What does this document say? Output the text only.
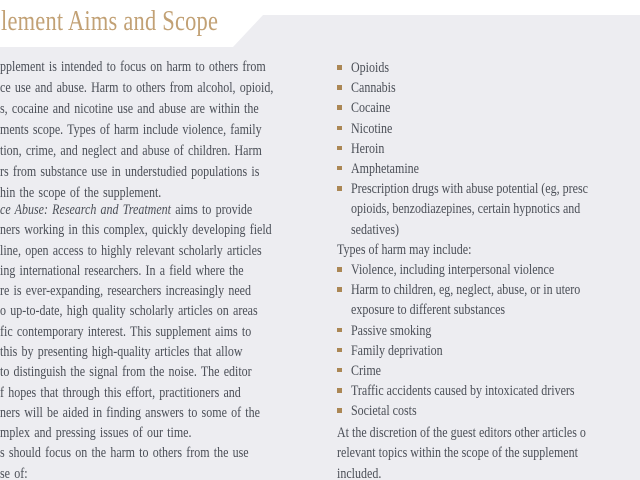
lement Aims and Scope
pplement is intended to focus on harm to others from
ce use and abuse. Harm to others from alcohol, opioid,
s, cocaine and nicotine use and abuse are within the
ments scope. Types of harm include violence, family
tion, crime, and neglect and abuse of children. Harm
rs from substance use in understudied populations is
hin the scope of the supplement.
ce Abuse: Research and Treatment aims to provide
ners working in this complex, quickly developing field
line, open access to highly relevant scholarly articles
ing international researchers. In a field where the
re is ever-expanding, researchers increasingly need
o up-to-date, high quality scholarly articles on areas
fic contemporary interest. This supplement aims to
this by presenting high-quality articles that allow
to distinguish the signal from the noise. The editor
f hopes that through this effort, practitioners and
ners will be aided in finding answers to some of the
mplex and pressing issues of our time.
s should focus on the harm to others from the use
se of:
Opioids
Cannabis
Cocaine
Nicotine
Heroin
Amphetamine
Prescription drugs with abuse potential (eg, presc
opioids, benzodiazepines, certain hypnotics and
sedatives)
Types of harm may include:
Violence, including interpersonal violence
Harm to children, eg, neglect, abuse, or in utero
exposure to different substances
Passive smoking
Family deprivation
Crime
Traffic accidents caused by intoxicated drivers
Societal costs
At the discretion of the guest editors other articles o
relevant topics within the scope of the supplement
included.
